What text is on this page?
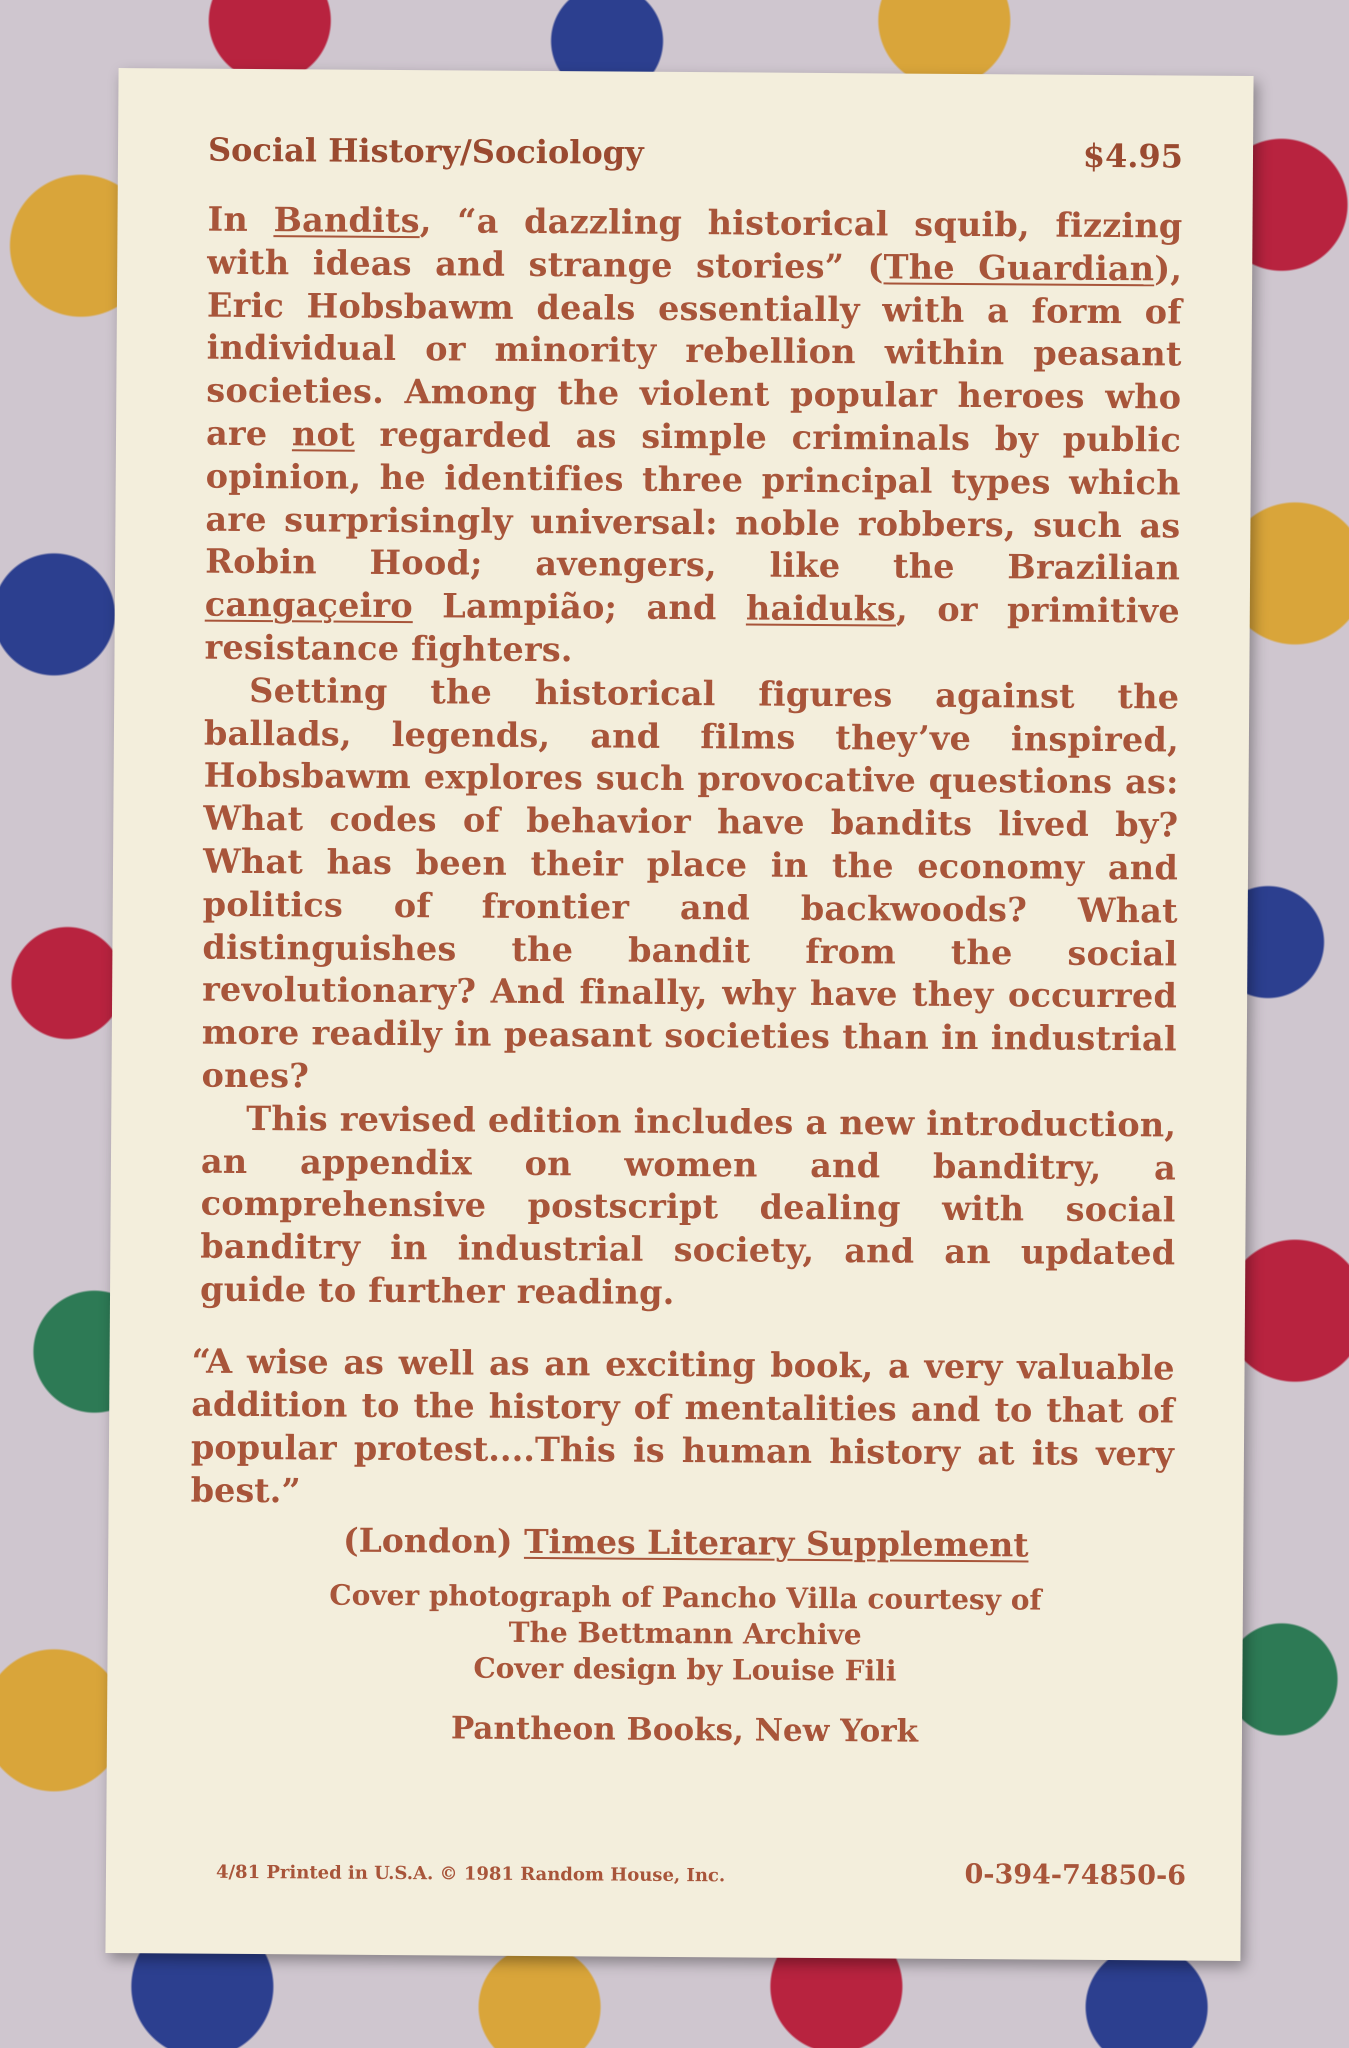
Social History/Sociology	$4.95

In Bandits, “a dazzling historical squib, fizzing with ideas and strange stories” (The Guardian), Eric Hobsbawm deals essentially with a form of individual or minority rebellion within peasant societies. Among the violent popular heroes who are not regarded as simple criminals by public opinion, he identifies three principal types which are surprisingly universal: noble robbers, such as Robin Hood; avengers, like the Brazilian cangaçeiro Lampião; and haiduks, or primitive resistance fighters.

Setting the historical figures against the ballads, legends, and films they’ve inspired, Hobsbawm explores such provocative questions as: What codes of behavior have bandits lived by? What has been their place in the economy and politics of frontier and backwoods? What distinguishes the bandit from the social revolutionary? And finally, why have they occurred more readily in peasant societies than in industrial ones?

This revised edition includes a new introduction, an appendix on women and banditry, a comprehensive postscript dealing with social banditry in industrial society, and an updated guide to further reading.

“A wise as well as an exciting book, a very valuable addition to the history of mentalities and to that of popular protest....This is human history at its very best.”
(London) Times Literary Supplement
Cover photograph of Pancho Villa courtesy of
The Bettmann Archive
Cover design by Louise Fili
Pantheon Books, New York
4/81 Printed in U.S.A. © 1981 Random House, Inc.	0-394-74850-6
